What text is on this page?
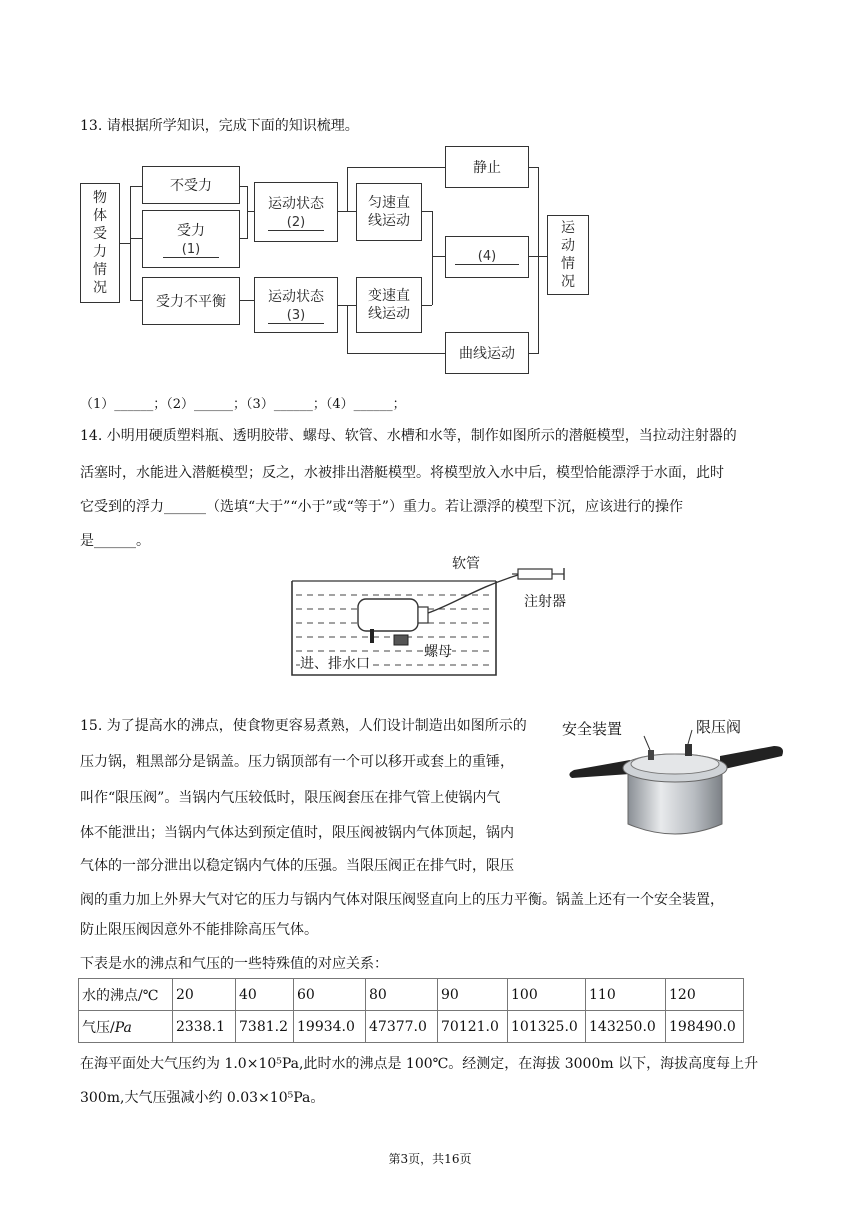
13. 请根据所学知识，完成下面的知识梳理。
物
体
受
力
情
况
不受力
受力
(1)
受力不平衡
运动状态
(2)
运动状态
(3)
匀速直
线运动
变速直
线运动
静止
(4)
曲线运动
运
动
情
况
（1）______；（2）______；（3）______；（4）______；
14. 小明用硬质塑料瓶、透明胶带、螺母、软管、水槽和水等，制作如图所示的潜艇模型，当拉动注射器的
活塞时，水能进入潜艇模型；反之，水被排出潜艇模型。将模型放入水中后，模型恰能漂浮于水面，此时
它受到的浮力______（选填“大于”“小于”或“等于”）重力。若让漂浮的模型下沉，应该进行的操作
是______。
软管
注射器
进、排水口
螺母
15. 为了提高水的沸点，使食物更容易煮熟，人们设计制造出如图所示的
压力锅，粗黑部分是锅盖。压力锅顶部有一个可以移开或套上的重锤，
叫作“限压阀”。当锅内气压较低时，限压阀套压在排气管上使锅内气
体不能泄出；当锅内气体达到预定值时，限压阀被锅内气体顶起，锅内
气体的一部分泄出以稳定锅内气体的压强。当限压阀正在排气时，限压
阀的重力加上外界大气对它的压力与锅内气体对限压阀竖直向上的压力平衡。锅盖上还有一个安全装置，
防止限压阀因意外不能排除高压气体。
下表是水的沸点和气压的一些特殊值的对应关系：
安全装置	限压阀
水的沸点/℃	20	40	60	80	90	100	110	120
气压/Pa	2338.1	7381.2	19934.0	47377.0	70121.0	101325.0	143250.0	198490.0
在海平面处大气压约为 1.0×10⁵Pa,此时水的沸点是 100℃。经测定，在海拔 3000m 以下，海拔高度每上升
300m,大气压强减小约 0.03×10⁵Pa。
第3页，共16页
